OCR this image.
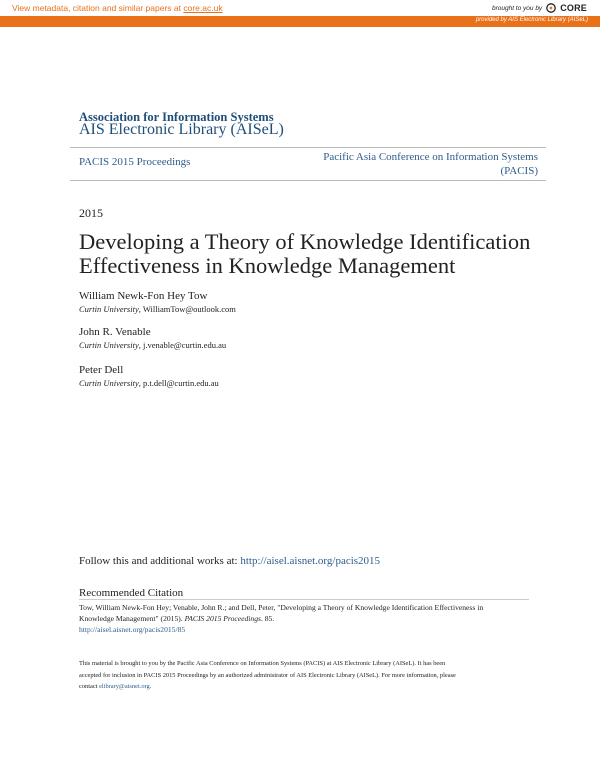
View metadata, citation and similar papers at core.ac.uk	brought to you by CORE
provided by AIS Electronic Library (AISeL)
Association for Information Systems
AIS Electronic Library (AISeL)
PACIS 2015 Proceedings	Pacific Asia Conference on Information Systems
(PACIS)
2015
Developing a Theory of Knowledge Identification
Effectiveness in Knowledge Management
William Newk-Fon Hey Tow
Curtin University, WilliamTow@outlook.com
John R. Venable
Curtin University, j.venable@curtin.edu.au
Peter Dell
Curtin University, p.t.dell@curtin.edu.au
Follow this and additional works at: http://aisel.aisnet.org/pacis2015
Recommended Citation
Tow, William Newk-Fon Hey; Venable, John R.; and Dell, Peter, "Developing a Theory of Knowledge Identification Effectiveness in
Knowledge Management" (2015). PACIS 2015 Proceedings. 85.
http://aisel.aisnet.org/pacis2015/85
This material is brought to you by the Pacific Asia Conference on Information Systems (PACIS) at AIS Electronic Library (AISeL). It has been
accepted for inclusion in PACIS 2015 Proceedings by an authorized administrator of AIS Electronic Library (AISeL). For more information, please
contact elibrary@aisnet.org.
